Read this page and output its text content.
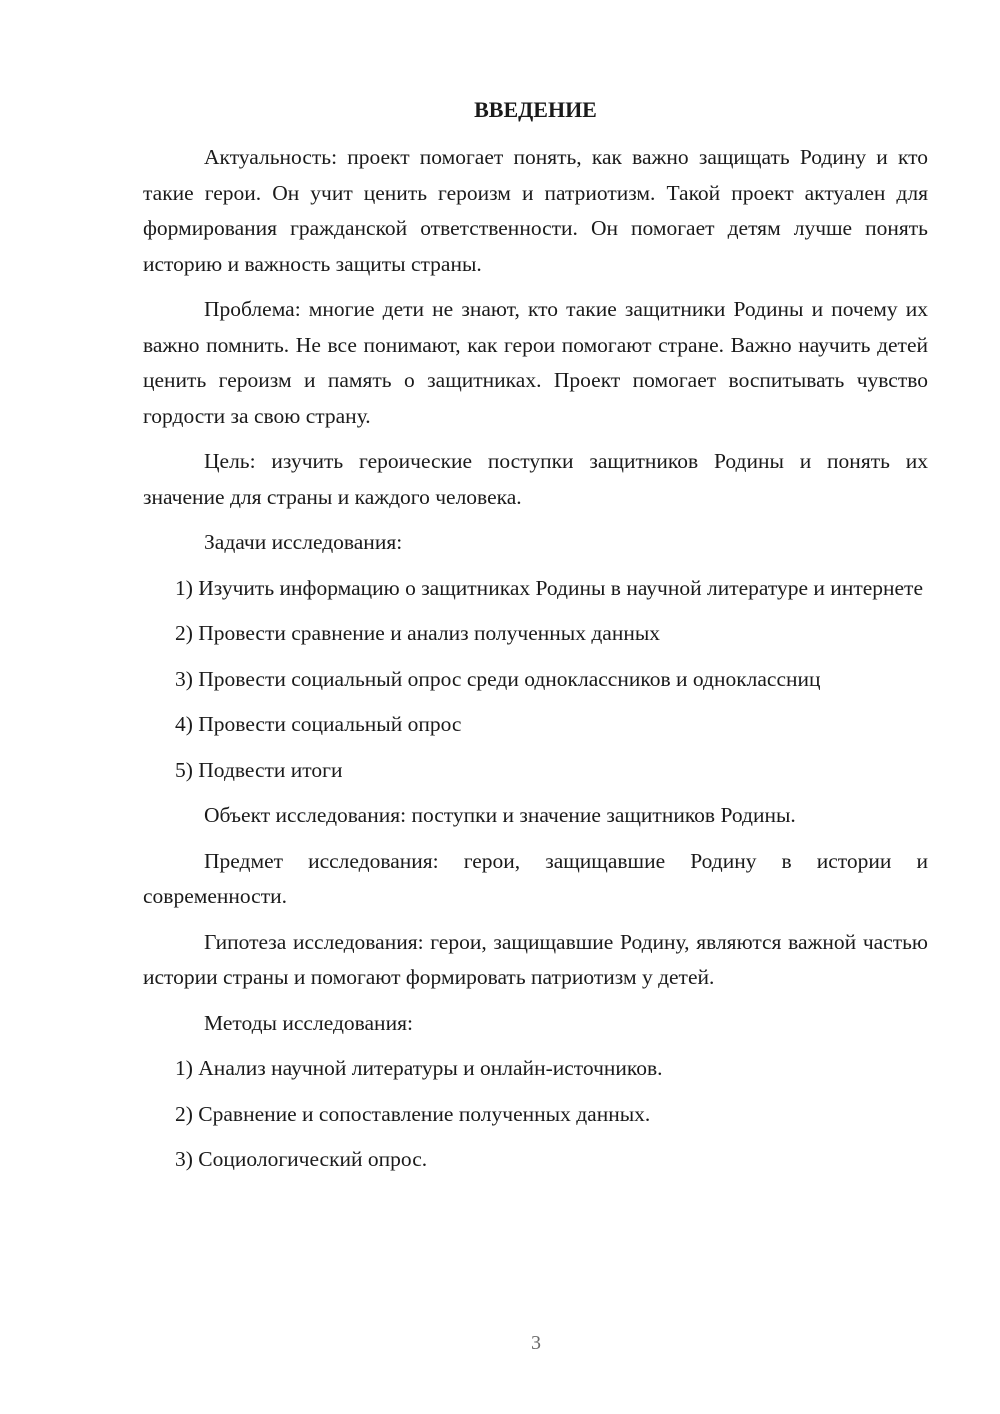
ВВЕДЕНИЕ

Актуальность: проект помогает понять, как важно защищать Родину и кто такие герои. Он учит ценить героизм и патриотизм. Такой проект актуален для формирования гражданской ответственности. Он помогает детям лучше понять историю и важность защиты страны.

Проблема: многие дети не знают, кто такие защитники Родины и почему их важно помнить. Не все понимают, как герои помогают стране. Важно научить детей ценить героизм и память о защитниках. Проект помогает воспитывать чувство гордости за свою страну.

Цель: изучить героические поступки защитников Родины и понять их значение для страны и каждого человека.

Задачи исследования:

1) Изучить информацию о защитниках Родины в научной литературе и интернете

2) Провести сравнение и анализ полученных данных

3) Провести социальный опрос среди одноклассников и одноклассниц

4) Провести социальный опрос

5) Подвести итоги

Объект исследования: поступки и значение защитников Родины.

Предмет исследования: герои, защищавшие Родину в истории и современности.

Гипотеза исследования: герои, защищавшие Родину, являются важной частью истории страны и помогают формировать патриотизм у детей.

Методы исследования:

1) Анализ научной литературы и онлайн-источников.

2) Сравнение и сопоставление полученных данных.

3) Социологический опрос.

3
